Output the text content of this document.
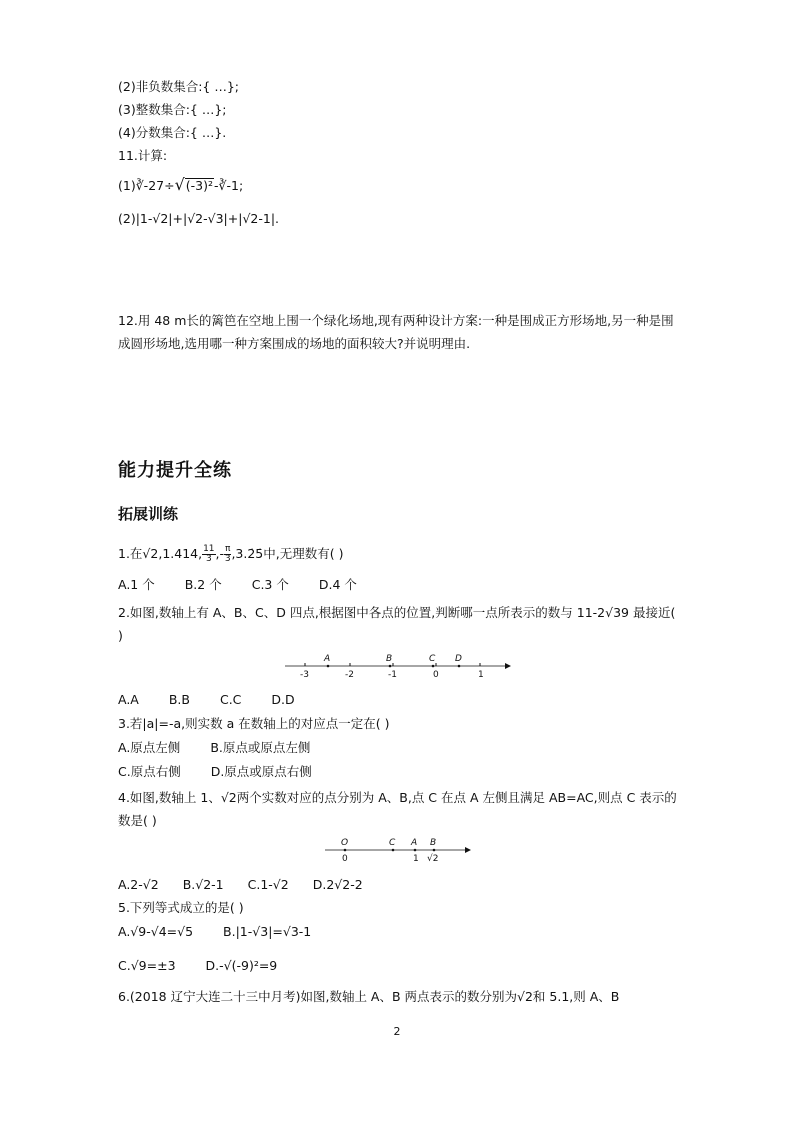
(2)非负数集合:{ …};
(3)整数集合:{ …};
(4)分数集合:{ …}.
11.计算:
(1)∛-27÷√(-3)²-∛-1;
(2)|1-√2|+|√2-√3|+|√2-1|.
12.用 48 m长的篱笆在空地上围一个绿化场地,现有两种设计方案:一种是围成正方形场地,另一种是围成圆形场地,选用哪一种方案围成的场地的面积较大?并说明理由.
能力提升全练
拓展训练
1.在√2,1.414, $\frac{11}{3}$ ,- $\frac{\pi}{3}$ ,3.2̇5̇中,无理数有( )
A.1 个 B.2 个 C.3 个 D.4 个
2.如图,数轴上有 A、B、C、D 四点,根据图中各点的位置,判断哪一点所表示的数与 11-2√39 最接近( )
-3	-2	-1	0	1
A	B	C D
A.A B.B C.C D.D
3.若|a|=-a,则实数 a 在数轴上的对应点一定在( )
A.原点左侧 B.原点或原点左侧
C.原点右侧 D.原点或原点右侧
4.如图,数轴上 1、√2两个实数对应的点分别为 A、B,点 C 在点 A 左侧且满足 AB=AC,则点 C 表示的数是( )
O
0
C A
1
B
√2
A.2-√2 B.√2-1 C.1-√2 D.2√2-2
5.下列等式成立的是( )
A.√9-√4=√5 B.|1-√3|=√3-1
C.√9=±3 D.-√(-9)²=9
6.(2018 辽宁大连二十三中月考)如图,数轴上 A、B 两点表示的数分别为√2和 5.1,则 A、B
2
